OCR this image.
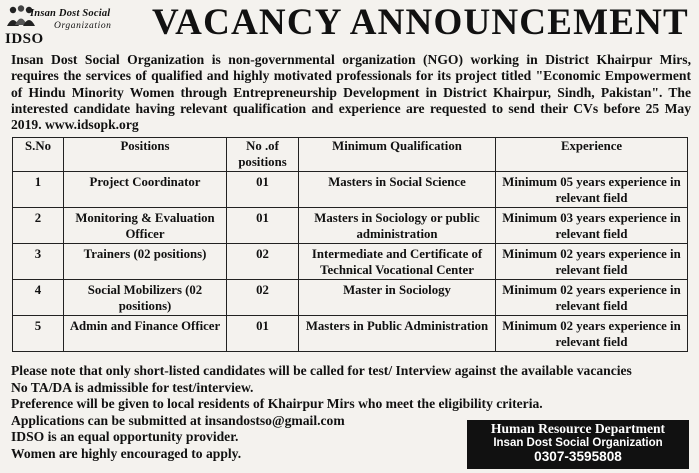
Insan Dost Social
Organization
IDSO	VACANCY ANNOUNCEMENT
Insan Dost Social Organization is non-governmental organization (NGO) working in District Khairpur Mirs, requires the services of qualified and highly motivated professionals for its project titled "Economic Empowerment of Hindu Minority Women through Entrepreneurship Development in District Khairpur, Sindh, Pakistan". The interested candidate having relevant qualification and experience are requested to send their CVs before 25 May 2019. www.idsopk.org
S.No	Positions	No .of positions	Minimum Qualification	Experience
1	Project Coordinator	01	Masters in Social Science	Minimum 05 years experience in relevant field
2	Monitoring & Evaluation Officer	01	Masters in Sociology or public administration	Minimum 03 years experience in relevant field
3	Trainers (02 positions)	02	Intermediate and Certificate of Technical Vocational Center	Minimum 02 years experience in relevant field
4	Social Mobilizers (02 positions)	02	Master in Sociology	Minimum 02 years experience in relevant field
5	Admin and Finance Officer	01	Masters in Public Administration	Minimum 02 years experience in relevant field
Please note that only short-listed candidates will be called for test/ Interview against the available vacancies
No TA/DA is admissible for test/interview.
Preference will be given to local residents of Khairpur Mirs who meet the eligibility criteria.
Applications can be submitted at insandostso@gmail.com
IDSO is an equal opportunity provider.
Women are highly encouraged to apply.
Human Resource Department
Insan Dost Social Organization
0307-3595808
